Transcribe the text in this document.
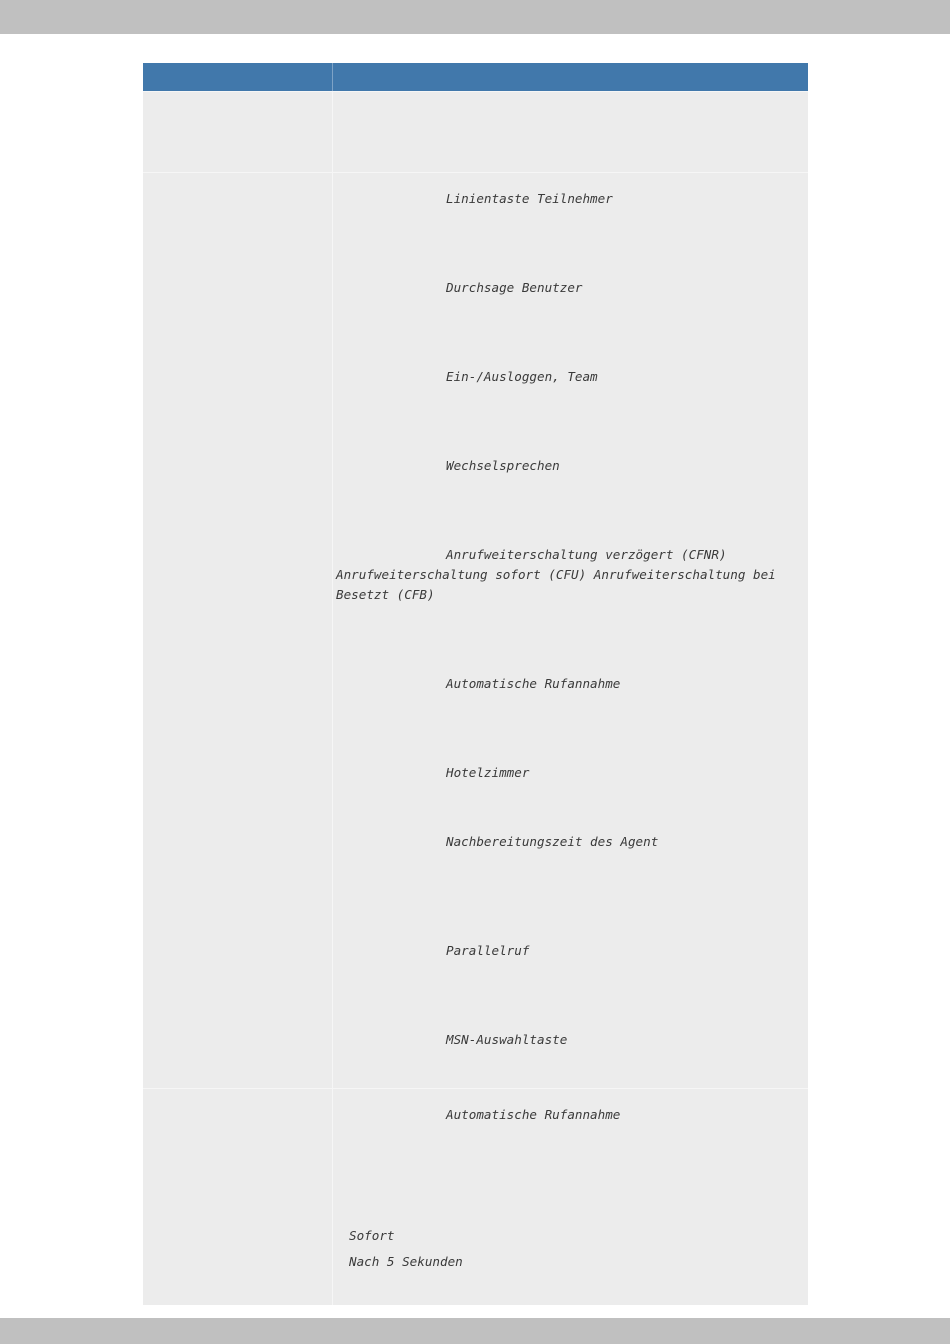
Linientaste Teilnehmer
Durchsage Benutzer
Ein-/Ausloggen, Team
Wechselsprechen
Anrufweiterschaltung verzögert (CFNR) Anrufweiterschaltung sofort (CFU) Anrufweiterschaltung bei Besetzt (CFB)
Automatische Rufannahme
Hotelzimmer
Nachbereitungszeit des Agent
Parallelruf
MSN-Auswahltaste
Automatische Rufannahme
Sofort
Nach 5 Sekunden
